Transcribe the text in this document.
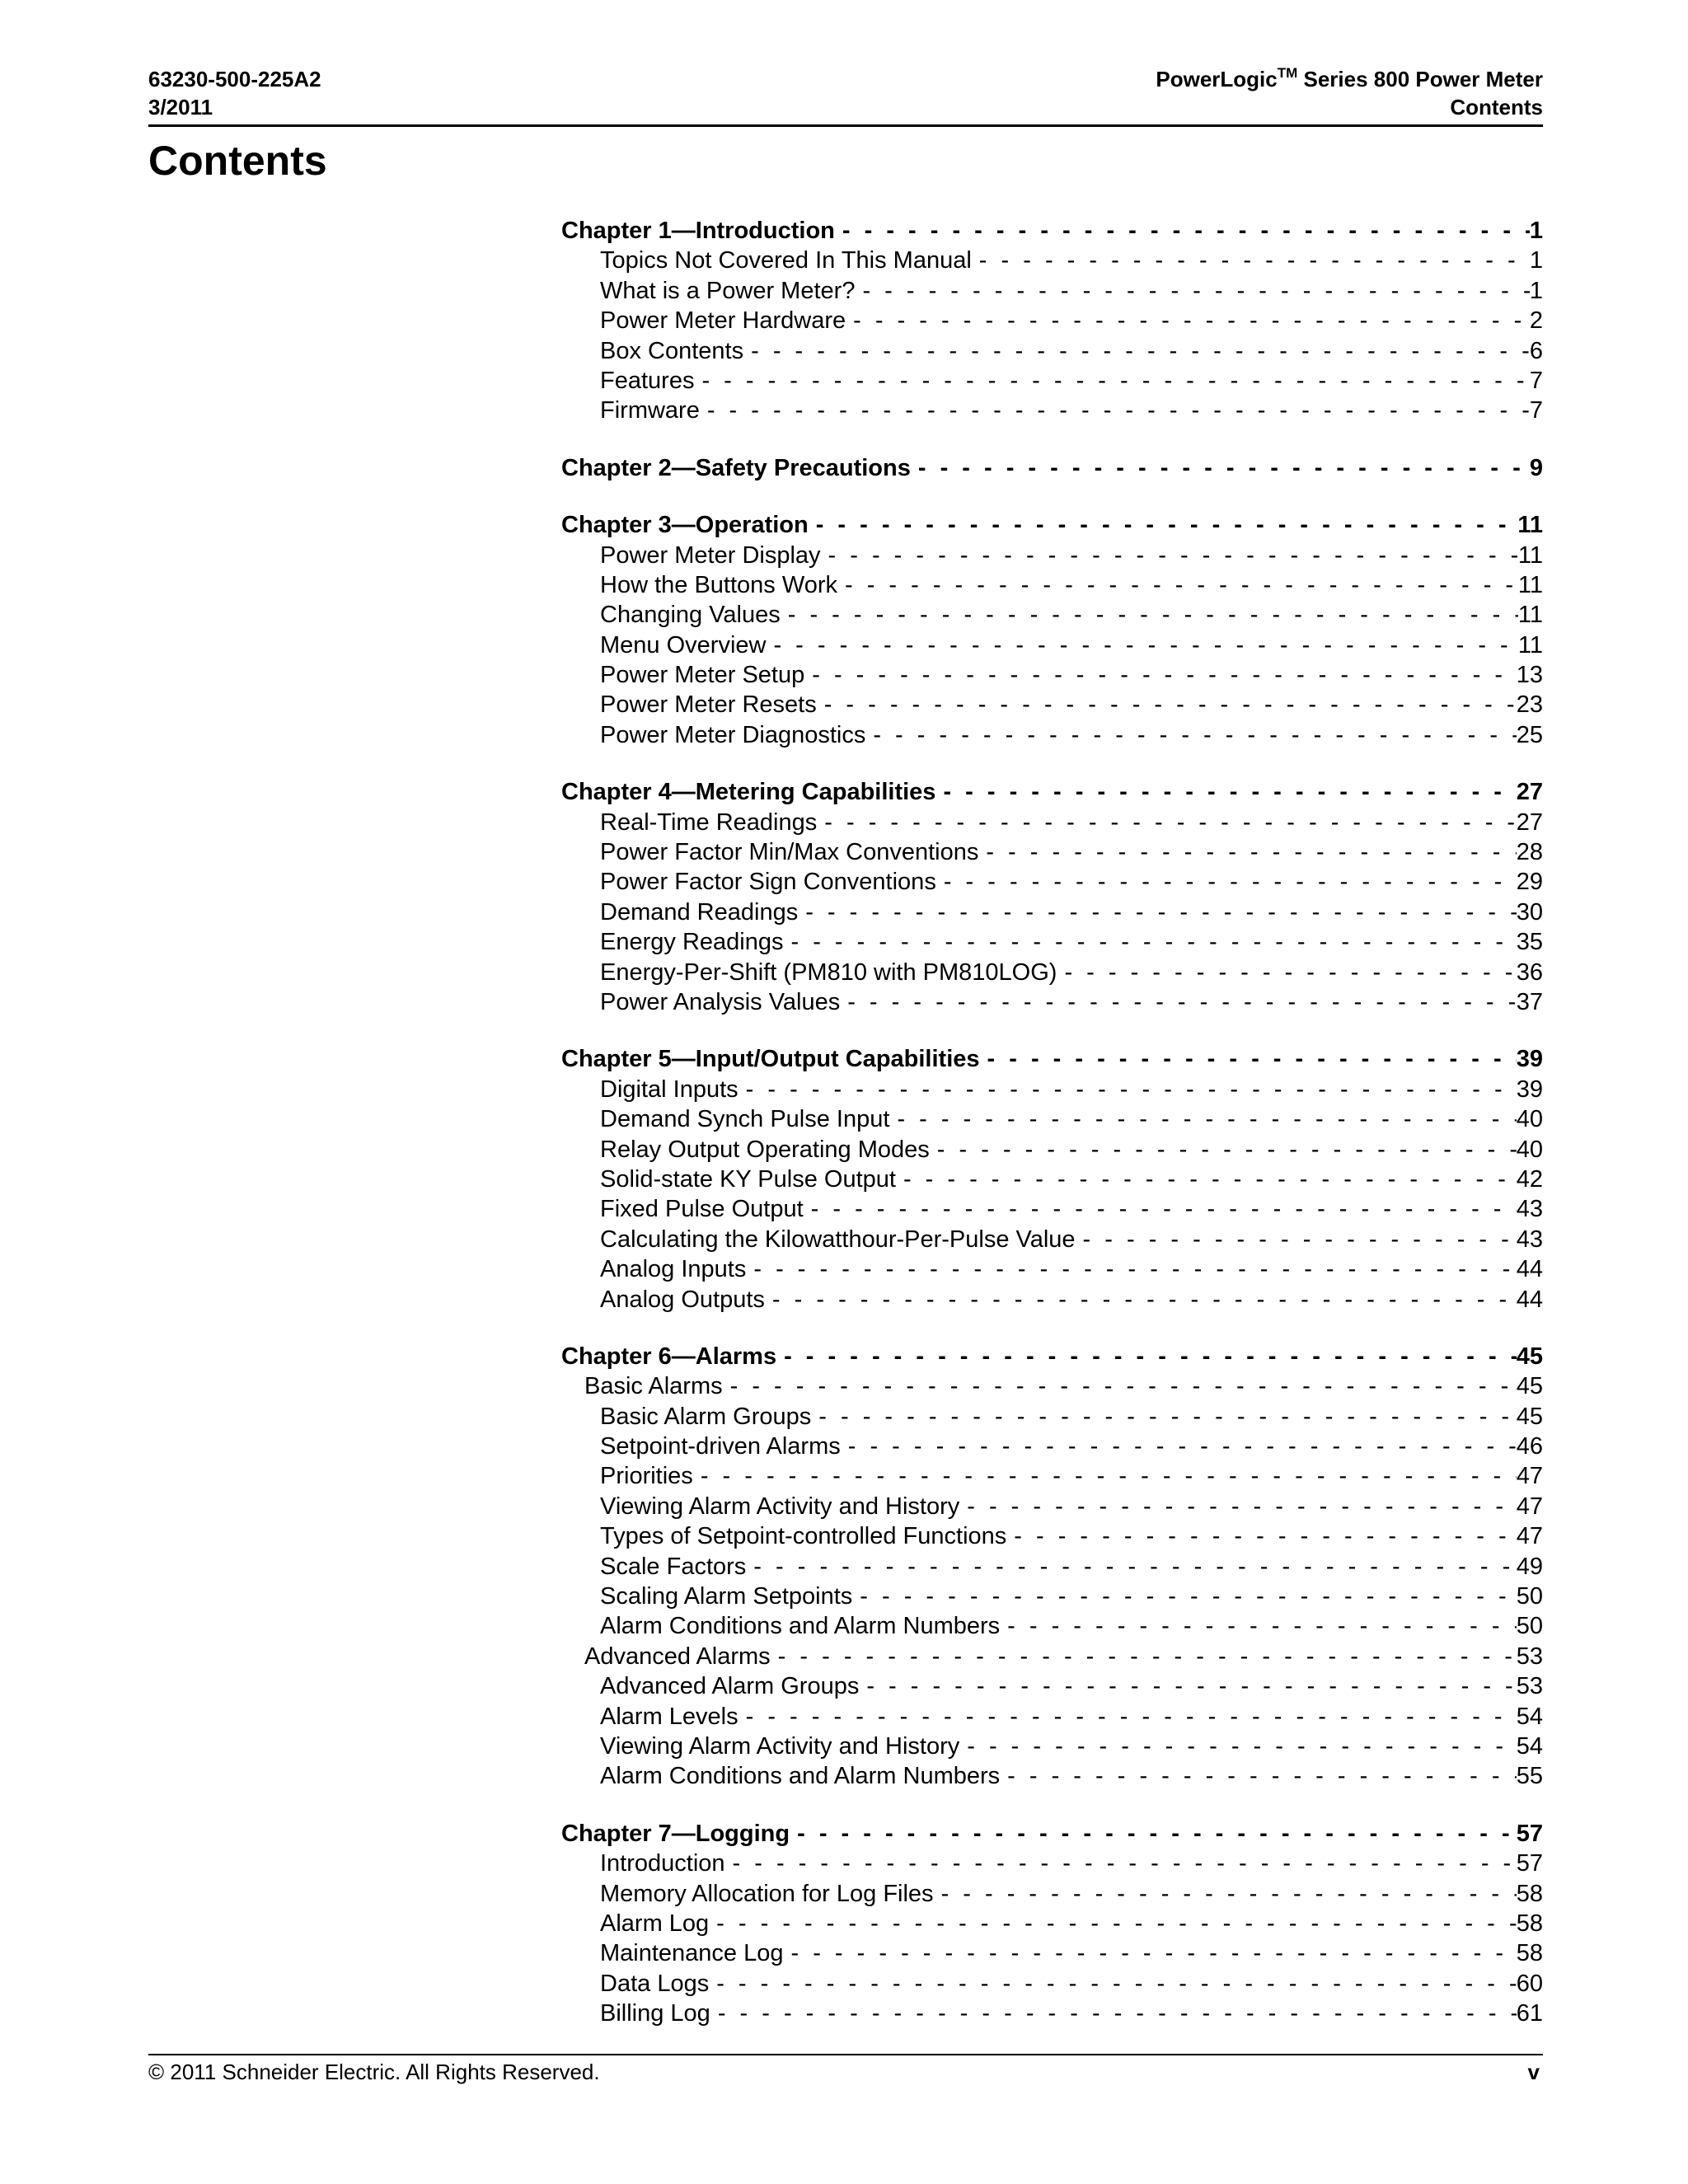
63230-500-225A2
3/2011
PowerLogic™ Series 800 Power Meter
Contents
Contents
Chapter 1—Introduction - - -	1
Topics Not Covered In This Manual - - -	1
What is a Power Meter? - - -	1
Power Meter Hardware - - -	2
Box Contents - - -	6
Features - - -	7
Firmware - - -	7
Chapter 2—Safety Precautions - - -	9
Chapter 3—Operation - - -	11
Power Meter Display - - -	11
How the Buttons Work - - -	11
Changing Values - - -	11
Menu Overview - - -	11
Power Meter Setup - - -	13
Power Meter Resets - - -	23
Power Meter Diagnostics - - -	25
Chapter 4—Metering Capabilities - - -	27
Real-Time Readings - - -	27
Power Factor Min/Max Conventions - - -	28
Power Factor Sign Conventions - - -	29
Demand Readings - - -	30
Energy Readings - - -	35
Energy-Per-Shift (PM810 with PM810LOG) - - -	36
Power Analysis Values - - -	37
Chapter 5—Input/Output Capabilities - - -	39
Digital Inputs - - -	39
Demand Synch Pulse Input - - -	40
Relay Output Operating Modes - - -	40
Solid-state KY Pulse Output - - -	42
Fixed Pulse Output - - -	43
Calculating the Kilowatthour-Per-Pulse Value - - -	43
Analog Inputs - - -	44
Analog Outputs - - -	44
Chapter 6—Alarms - - -	45
Basic Alarms - - -	45
Basic Alarm Groups - - -	45
Setpoint-driven Alarms - - -	46
Priorities - - -	47
Viewing Alarm Activity and History - - -	47
Types of Setpoint-controlled Functions - - -	47
Scale Factors - - -	49
Scaling Alarm Setpoints - - -	50
Alarm Conditions and Alarm Numbers - - -	50
Advanced Alarms - - -	53
Advanced Alarm Groups - - -	53
Alarm Levels - - -	54
Viewing Alarm Activity and History - - -	54
Alarm Conditions and Alarm Numbers - - -	55
Chapter 7—Logging - - -	57
Introduction - - -	57
Memory Allocation for Log Files - - -	58
Alarm Log - - -	58
Maintenance Log - - -	58
Data Logs - - -	60
Billing Log - - -	61
© 2011 Schneider Electric. All Rights Reserved.	v
